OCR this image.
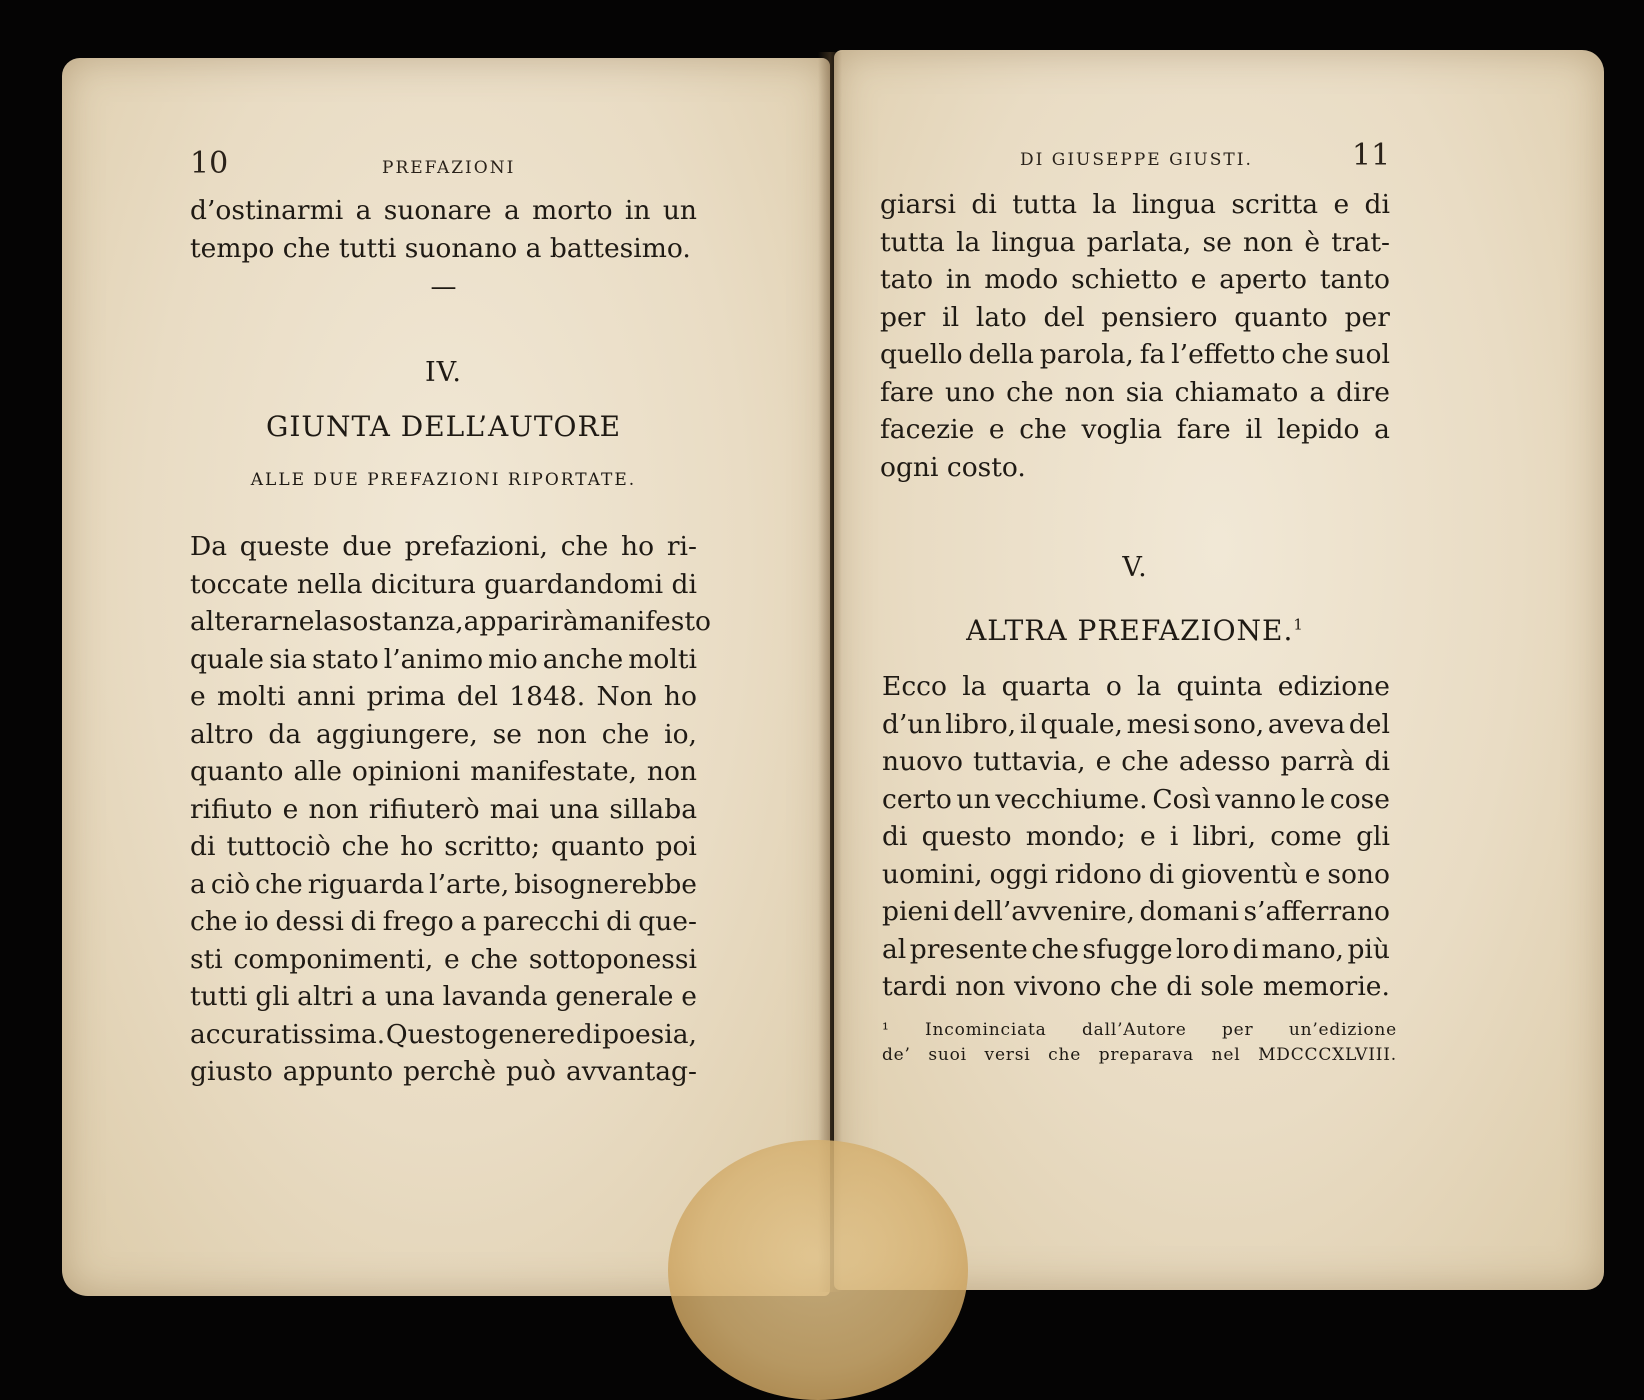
10	PREFAZIONI
d’ostinarmi a suonare a morto in un
tempo che tutti suonano a battesimo.
—
IV.
GIUNTA DELL’AUTORE
ALLE DUE PREFAZIONI RIPORTATE.
Da queste due prefazioni, che ho ri-
toccate nella dicitura guardandomi di
alterarne la sostanza, apparirà manifesto
quale sia stato l’animo mio anche molti
e molti anni prima del 1848. Non ho
altro da aggiungere, se non che io,
quanto alle opinioni manifestate, non
rifiuto e non rifiuterò mai una sillaba
di tuttociò che ho scritto; quanto poi
a ciò che riguarda l’arte, bisognerebbe
che io dessi di frego a parecchi di que-
sti componimenti, e che sottoponessi
tutti gli altri a una lavanda generale e
accuratissima. Questo genere di poesia,
giusto appunto perchè può avvantag-
DI GIUSEPPE GIUSTI.	11
giarsi di tutta la lingua scritta e di
tutta la lingua parlata, se non è trat-
tato in modo schietto e aperto tanto
per il lato del pensiero quanto per
quello della parola, fa l’effetto che suol
fare uno che non sia chiamato a dire
facezie e che voglia fare il lepido a
ogni costo.
V.
ALTRA PREFAZIONE.$^1$
Ecco la quarta o la quinta edizione
d’un libro, il quale, mesi sono, aveva del
nuovo tuttavia, e che adesso parrà di
certo un vecchiume. Così vanno le cose
di questo mondo; e i libri, come gli
uomini, oggi ridono di gioventù e sono
pieni dell’avvenire, domani s’afferrano
al presente che sfugge loro di mano, più
tardi non vivono che di sole memorie.
¹ Incominciata dall’Autore per un’edizione
de’ suoi versi che preparava nel MDCCCXLVIII.
